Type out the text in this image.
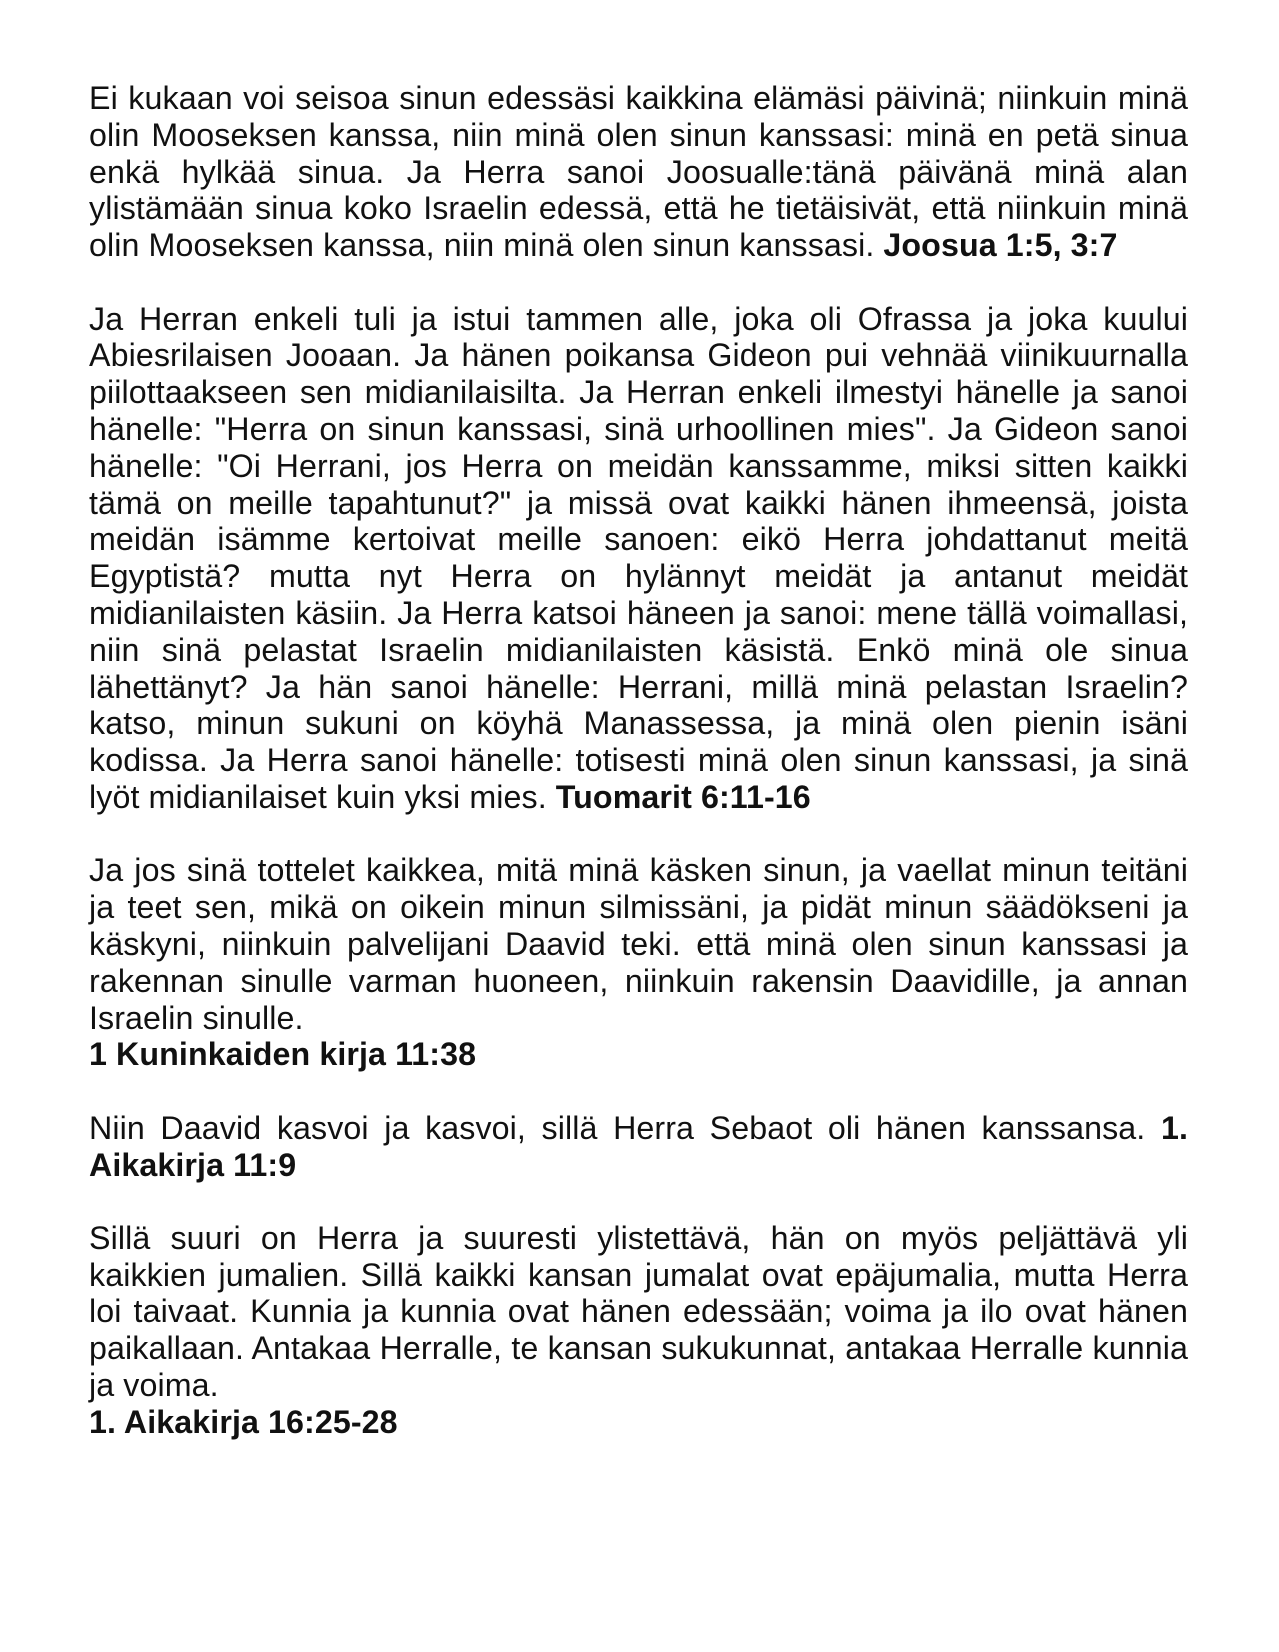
Ei kukaan voi seisoa sinun edessäsi kaikkina elämäsi päivinä; niinkuin minä olin Mooseksen kanssa, niin minä olen sinun kanssasi: minä en petä sinua enkä hylkää sinua. Ja Herra sanoi Joosualle:tänä päivänä minä alan ylistämään sinua koko Israelin edessä, että he tietäisivät, että niinkuin minä olin Mooseksen kanssa, niin minä olen sinun kanssasi. Joosua 1:5, 3:7

Ja Herran enkeli tuli ja istui tammen alle, joka oli Ofrassa ja joka kuului Abiesrilaisen Jooaan. Ja hänen poikansa Gideon pui vehnää viinikuurnalla piilottaakseen sen midianilaisilta. Ja Herran enkeli ilmestyi hänelle ja sanoi hänelle: "Herra on sinun kanssasi, sinä urhoollinen mies". Ja Gideon sanoi hänelle: "Oi Herrani, jos Herra on meidän kanssamme, miksi sitten kaikki tämä on meille tapahtunut?" ja missä ovat kaikki hänen ihmeensä, joista meidän isämme kertoivat meille sanoen: eikö Herra johdattanut meitä Egyptistä? mutta nyt Herra on hylännyt meidät ja antanut meidät midianilaisten käsiin. Ja Herra katsoi häneen ja sanoi: mene tällä voimallasi, niin sinä pelastat Israelin midianilaisten käsistä. Enkö minä ole sinua lähettänyt? Ja hän sanoi hänelle: Herrani, millä minä pelastan Israelin? katso, minun sukuni on köyhä Manassessa, ja minä olen pienin isäni kodissa. Ja Herra sanoi hänelle: totisesti minä olen sinun kanssasi, ja sinä lyöt midianilaiset kuin yksi mies. Tuomarit 6:11-16

Ja jos sinä tottelet kaikkea, mitä minä käsken sinun, ja vaellat minun teitäni ja teet sen, mikä on oikein minun silmissäni, ja pidät minun säädökseni ja käskyni, niinkuin palvelijani Daavid teki. että minä olen sinun kanssasi ja rakennan sinulle varman huoneen, niinkuin rakensin Daavidille, ja annan Israelin sinulle.
1 Kuninkaiden kirja 11:38

Niin Daavid kasvoi ja kasvoi, sillä Herra Sebaot oli hänen kanssansa. 1. Aikakirja 11:9

Sillä suuri on Herra ja suuresti ylistettävä, hän on myös peljättävä yli kaikkien jumalien. Sillä kaikki kansan jumalat ovat epäjumalia, mutta Herra loi taivaat. Kunnia ja kunnia ovat hänen edessään; voima ja ilo ovat hänen paikallaan. Antakaa Herralle, te kansan sukukunnat, antakaa Herralle kunnia ja voima.
1. Aikakirja 16:25-28
